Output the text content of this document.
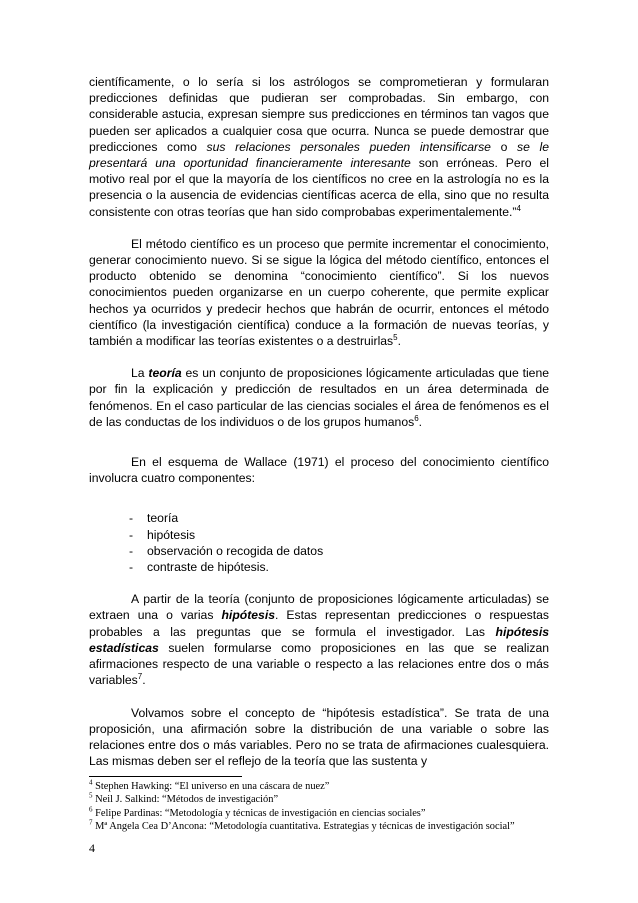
científicamente, o lo sería si los astrólogos se comprometieran y formularan predicciones definidas que pudieran ser comprobadas. Sin embargo, con considerable astucia, expresan siempre sus predicciones en términos tan vagos que pueden ser aplicados a cualquier cosa que ocurra. Nunca se puede demostrar que predicciones como sus relaciones personales pueden intensificarse o se le presentará una oportunidad financieramente interesante son erróneas. Pero el motivo real por el que la mayoría de los científicos no cree en la astrología no es la presencia o la ausencia de evidencias científicas acerca de ella, sino que no resulta consistente con otras teorías que han sido comprobabas experimentalemente.”$^4$

El método científico es un proceso que permite incrementar el conocimiento, generar conocimiento nuevo. Si se sigue la lógica del método científico, entonces el producto obtenido se denomina “conocimiento científico”. Si los nuevos conocimientos pueden organizarse en un cuerpo coherente, que permite explicar hechos ya ocurridos y predecir hechos que habrán de ocurrir, entonces el método científico (la investigación científica) conduce a la formación de nuevas teorías, y también a modificar las teorías existentes o a destruirlas$^5$.

La teoría es un conjunto de proposiciones lógicamente articuladas que tiene por fin la explicación y predicción de resultados en un área determinada de fenómenos. En el caso particular de las ciencias sociales el área de fenómenos es el de las conductas de los individuos o de los grupos humanos$^6$.

En el esquema de Wallace (1971) el proceso del conocimiento científico involucra cuatro componentes:

-	teoría
-	hipótesis
-	observación o recogida de datos
-	contraste de hipótesis.

A partir de la teoría (conjunto de proposiciones lógicamente articuladas) se extraen una o varias hipótesis. Estas representan predicciones o respuestas probables a las preguntas que se formula el investigador. Las hipótesis estadísticas suelen formularse como proposiciones en las que se realizan afirmaciones respecto de una variable o respecto a las relaciones entre dos o más variables$^7$.

Volvamos sobre el concepto de “hipótesis estadística”. Se trata de una proposición, una afirmación sobre la distribución de una variable o sobre las relaciones entre dos o más variables. Pero no se trata de afirmaciones cualesquiera. Las mismas deben ser el reflejo de la teoría que las sustenta y

$^4$ Stephen Hawking: “El universo en una cáscara de nuez”
$^5$ Neil J. Salkind: “Métodos de investigación”
$^6$ Felipe Pardinas: “Metodología y técnicas de investigación en ciencias sociales”
$^7$ Mª Angela Cea D’Ancona: “Metodología cuantitativa. Estrategias y técnicas de investigación social”
4
